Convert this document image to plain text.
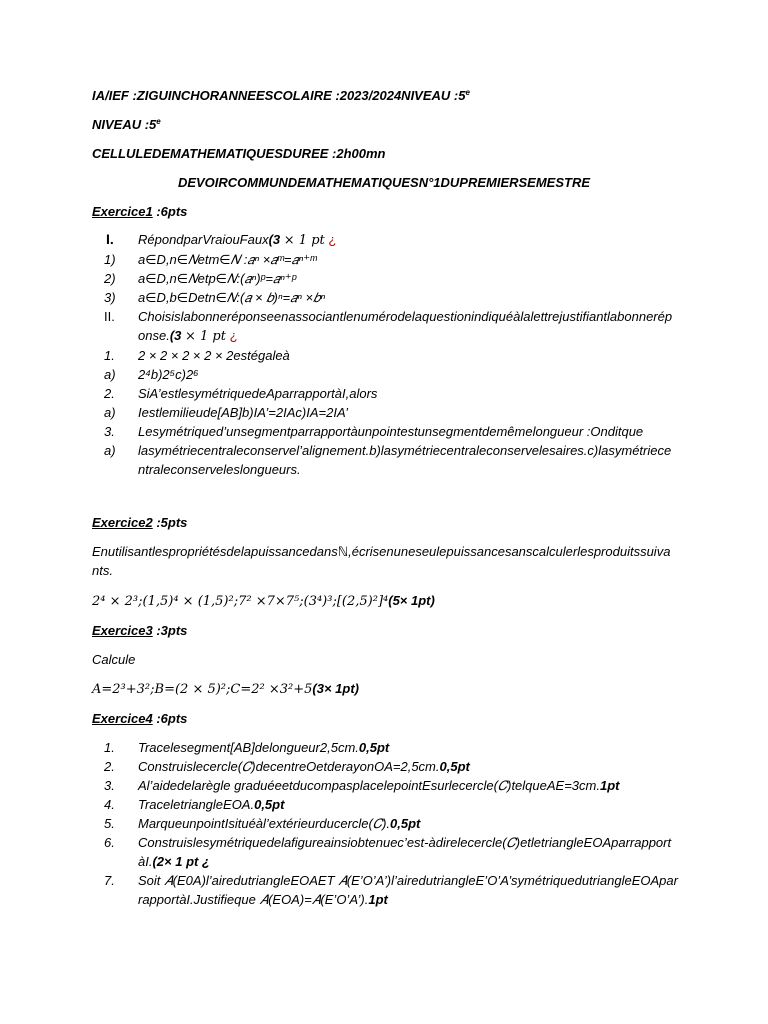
IA/IEF :ZIGUINCHORANNEESCOLAIRE :2023/2024NIVEAU :5e
NIVEAU :5e
CELLULEDEMATHEMATIQUESDUREE :2h00mn
DEVOIRCOMMUNDEMATHEMATIQUESN°1DUPREMIERSEMESTRE
Exercice1 :6pts
I.	RépondparVraiouFaux(3 × 1 pt ¿
1)	a∈D,n∈𝑁etm∈𝑁 :𝑎ⁿ ×𝑎ᵐ=𝑎ⁿ⁺ᵐ
2)	a∈D,n∈𝑁etp∈𝑁:(𝑎ⁿ)ᵖ=𝑎ⁿ⁺ᵖ
3)	a∈D,b∈Detn∈𝑁:(𝑎 × 𝑏)ⁿ=𝑎ⁿ ×𝑏ⁿ
II.	Choisislabonneréponseenassociantlenumérodelaquestionindiquéàlalettrejustifiantlabonneréponse.(3 × 1 pt ¿
1.	2 × 2 × 2 × 2 × 2estégaleà
a)	2⁴b)2⁵c)2⁶
2.	SiA’estlesymétriquedeAparrapportàI,alors
a)	Iestlemilieude[AB]b)IA’=2IAc)IA=2IA’
3.	Lesymétriqued’unsegmentparrapportàunpointestunsegmentdemêmelongueur :Onditque
a)	lasymétriecentraleconservel’alignement.b)lasymétriecentraleconservelesaires.c)lasymétriecentraleconserveleslongueurs.
Exercice2 :5pts
Enutilisantlespropriétésdelapuissancedansℕ,écrisenuneseulepuissancesanscalculerlesproduitssuivants.
2⁴ × 2³;(1,5)⁴ × (1,5)²;7² ×7×7⁵;(3⁴)³;[(2,5)²]⁴(5× 1pt)
Exercice3 :3pts
Calcule
A=2³+3²;B=(2 × 5)²;C=2² ×3²+5(3× 1pt)
Exercice4 :6pts
1.	Tracelesegment[AB]delongueur2,5cm.0,5pt
2.	Construislecercle(𝐶)decentreOetderayonOA=2,5cm.0,5pt
3.	Al’aidedelarègle graduéeetducompasplacelepointEsurlecercle(𝐶)telqueAE=3cm.1pt
4.	TraceletriangleEOA.0,5pt
5.	MarqueunpointIsituéàl’extérieurducercle(𝐶).0,5pt
6.	Construislesymétriquedelafigureainsiobtenuec’est-àdirelecercle(𝐶)etletriangleEOAparrapportàI.(2× 1 pt ¿
7.	Soit 𝐴(E0A)l’airedutriangleEOAET 𝐴(E’O’A’)l’airedutriangleE’O’A’symétriquedutriangleEOAparrapportàI.Justifieque 𝐴(EOA)=𝐴(E’O’A’).1pt
